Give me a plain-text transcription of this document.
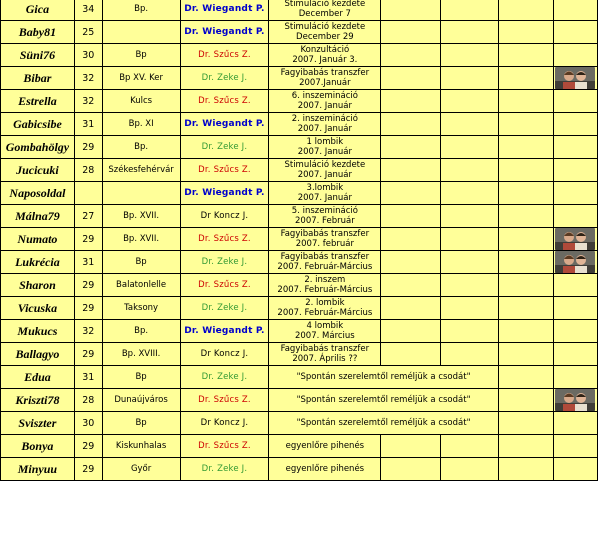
Gica	34	Bp.	Dr. Wiegandt P.	Stimuláció kezdete
December 7				
Baby81	25		Dr. Wiegandt P.	Stimuláció kezdete
December 29				
Süni76	30	Bp	Dr. Szűcs Z.	Konzultáció
2007. Január 3.				
Bibar	32	Bp XV. Ker	Dr. Zeke J.	Fagyibabás transzfer
2007.Január				

Estrella	32	Kulcs	Dr. Szűcs Z.	6. inszemináció
2007. Január				
Gabicsibe	31	Bp. XI	Dr. Wiegandt P.	2. inszemináció
2007. Január				
Gombahölgy	29	Bp.	Dr. Zeke J.	1 lombik
2007. Január				
Jucicuki	28	Székesfehérvár	Dr. Szűcs Z.	Stimuláció kezdete
2007. Január				
Naposoldal			Dr. Wiegandt P.	3.lombik
2007. Január				
Málna79	27	Bp. XVII.	Dr Koncz J.	5. inszemináció
2007. Február				
Numato	29	Bp. XVII.	Dr. Szűcs Z.	Fagyibabás transzfer
2007. február				

Lukrécia	31	Bp	Dr. Zeke J.	Fagyibabás transzfer
2007. Február-Március				

Sharon	29	Balatonlelle	Dr. Szűcs Z.	2. inszem
2007. Február-Március				
Vicuska	29	Taksony	Dr. Zeke J.	2. lombik
2007. Február-Március				
Mukucs	32	Bp.	Dr. Wiegandt P.	4 lombik
2007. Március				
Ballagyo	29	Bp. XVIII.	Dr Koncz J.	Fagyibabás transzfer
2007. Április ??				
Edua	31	Bp	Dr. Zeke J.	"Spontán szerelemtől reméljük a csodát"				
Kriszti78	28	Dunaújváros	Dr. Szűcs Z.	"Spontán szerelemtől reméljük a csodát"		

Sviszter	30	Bp	Dr Koncz J.	"Spontán szerelemtől reméljük a csodát"				
Bonya	29	Kiskunhalas	Dr. Szűcs Z.	egyenlőre pihenés				
Minyuu	29	Győr	Dr. Zeke J.	egyenlőre pihenés				
